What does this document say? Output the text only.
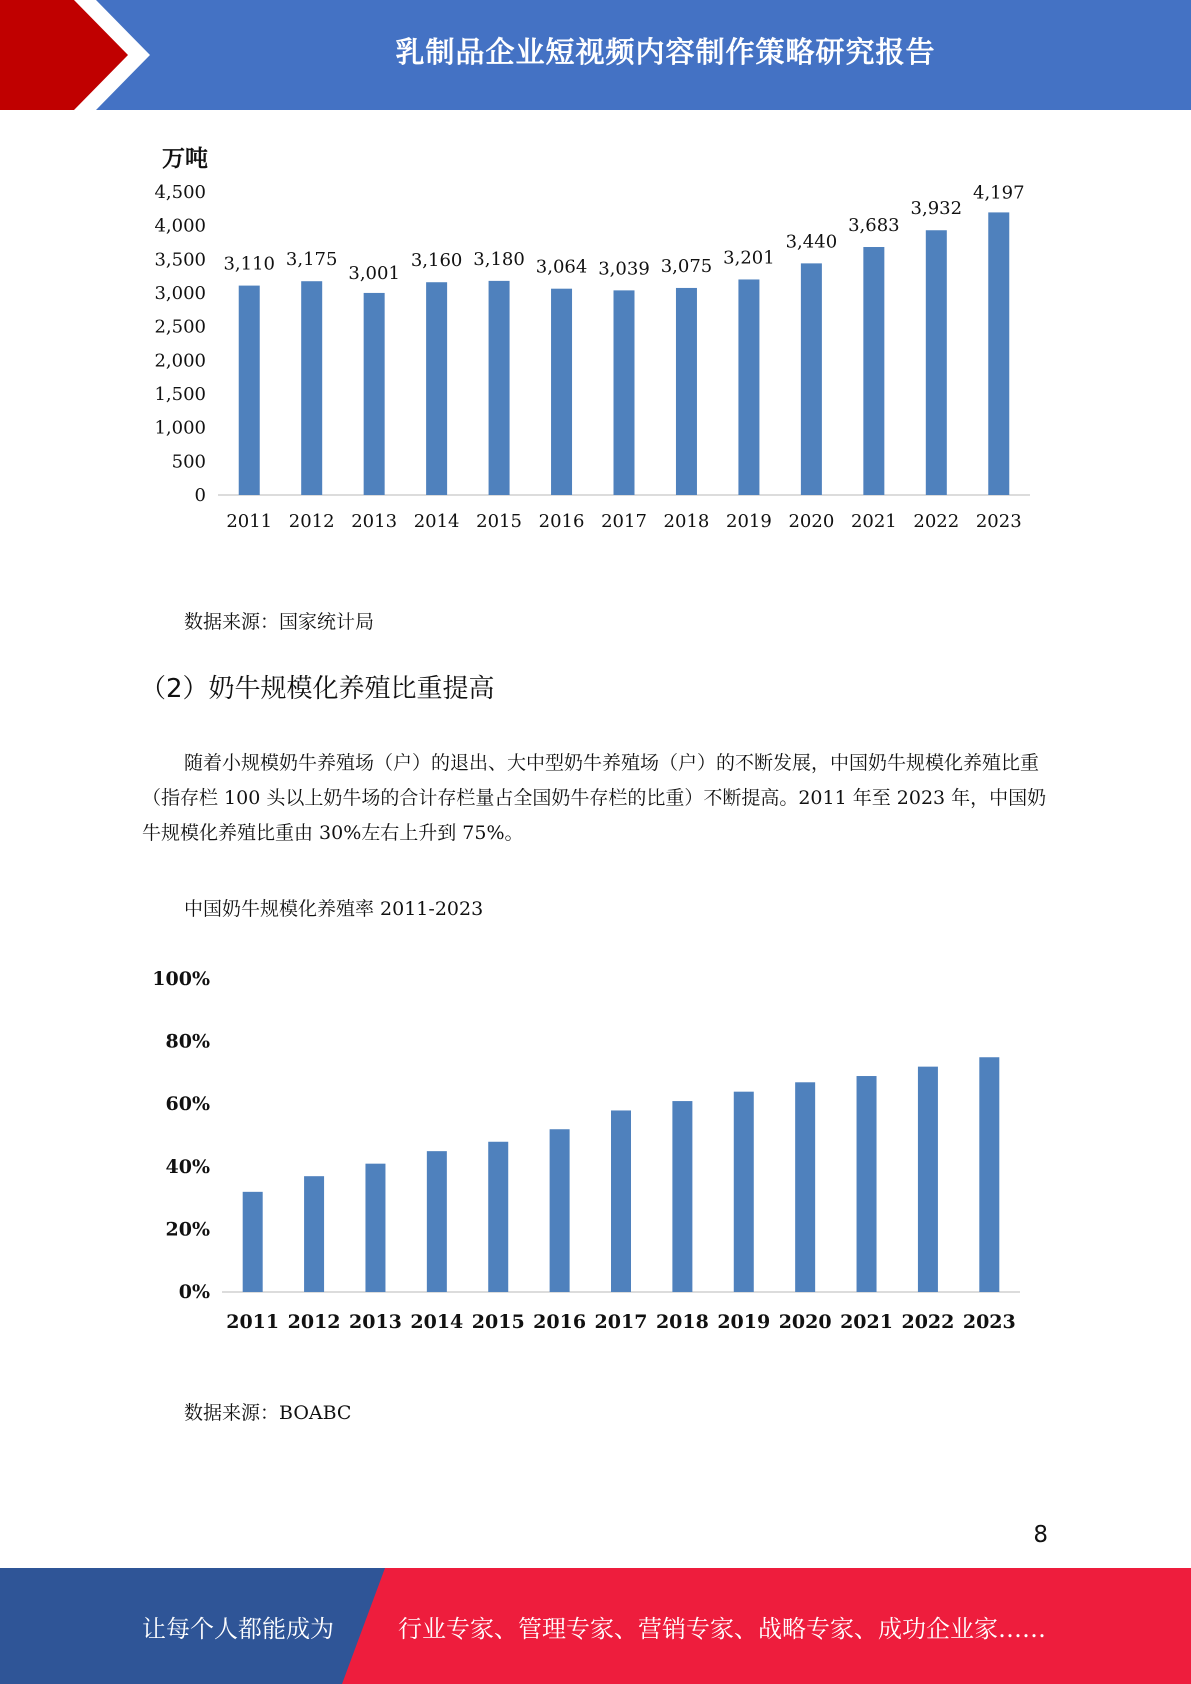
乳制品企业短视频内容制作策略研究报告
0
500
1,000
1,500
2,000
2,500
3,000
3,500
4,000
4,500
2011
3,110
2012
3,175
2013
3,001
2014
3,160
2015
3,180
2016
3,064
2017
3,039
2018
3,075
2019
3,201
2020
3,440
2021
3,683
2022
3,932
2023
4,197
万吨
数据来源：国家统计局
（2）奶牛规模化养殖比重提高
随着小规模奶牛养殖场（户）的退出、大中型奶牛养殖场（户）的不断发展，中国奶牛规模化养殖比重（指存栏 100 头以上奶牛场的合计存栏量占全国奶牛存栏的比重）不断提高。2011 年至 2023 年，中国奶牛规模化养殖比重由 30%左右上升到 75%。
中国奶牛规模化养殖率 2011-2023
0%
20%
40%
60%
80%
100%
2011 2012 2013 2014 2015 2016 2017 2018 2019 2020 2021 2022 2023
数据来源：BOABC
8
让每个人都能成为	行业专家、管理专家、营销专家、战略专家、成功企业家……
